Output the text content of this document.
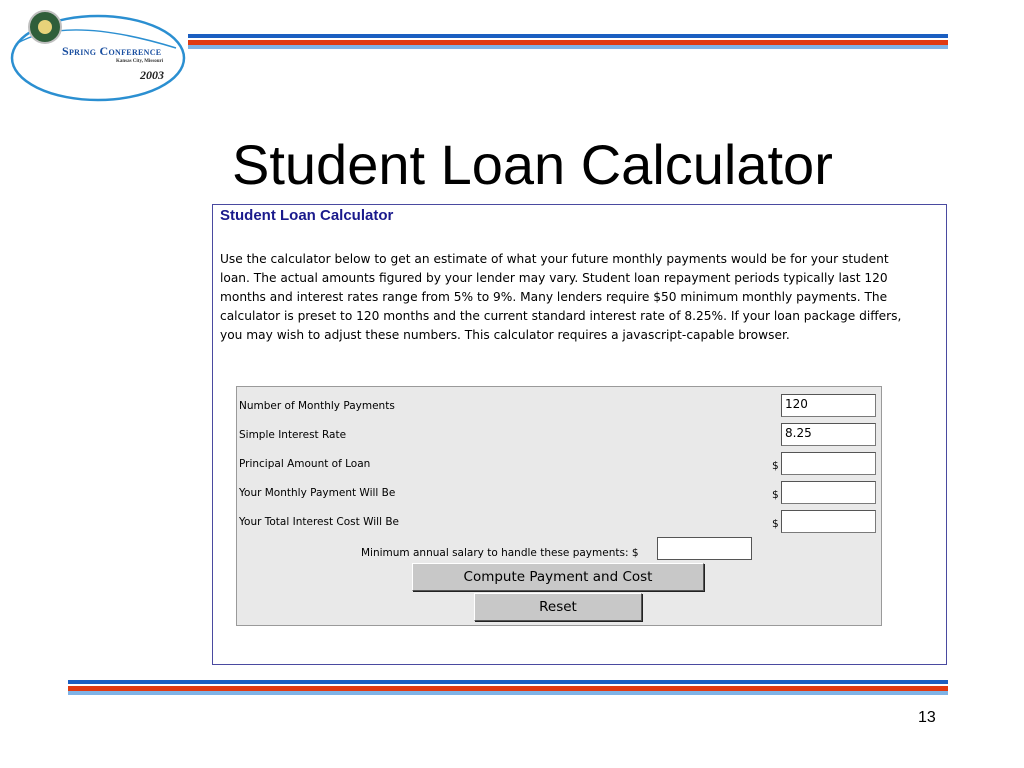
Spring Conference
Kansas City, Missouri
2003
Student Loan Calculator
Student Loan Calculator
Use the calculator below to get an estimate of what your future monthly payments would be for your student loan. The actual amounts figured by your lender may vary. Student loan repayment periods typically last 120 months and interest rates range from 5% to 9%. Many lenders require $50 minimum monthly payments. The calculator is preset to 120 months and the current standard interest rate of 8.25%. If your loan package differs, you may wish to adjust these numbers. This calculator requires a javascript-capable browser.
Number of Monthly Payments	120
Simple Interest Rate	8.25
Principal Amount of Loan	$
Your Monthly Payment Will Be	$
Your Total Interest Cost Will Be	$
Minimum annual salary to handle these payments: $
Compute Payment and Cost
Reset
13
